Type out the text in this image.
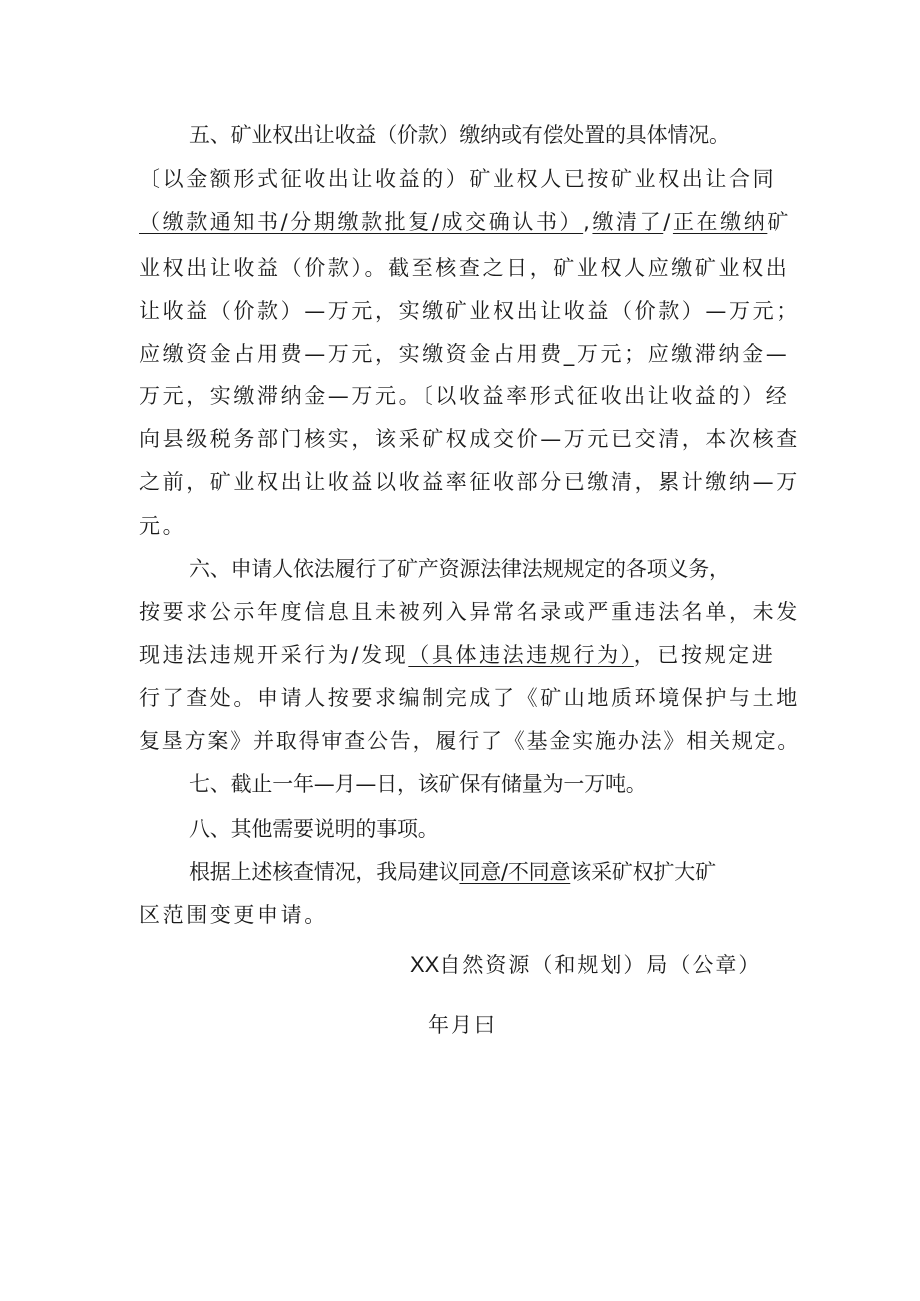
五、矿业权出让收益（价款）缴纳或有偿处置的具体情况。
〔以金额形式征收出让收益的）矿业权人已按矿业权出让合同
（缴款通知书/分期缴款批复/成交确认书）,缴清了/正在缴纳矿
业权出让收益（价款）。截至核查之日，矿业权人应缴矿业权出
让收益（价款）—万元，实缴矿业权出让收益（价款）—万元；
应缴资金占用费—万元，实缴资金占用费_万元；应缴滞纳金—
万元，实缴滞纳金—万元。〔以收益率形式征收出让收益的）经
向县级税务部门核实，该采矿权成交价—万元已交清，本次核查
之前，矿业权出让收益以收益率征收部分已缴清，累计缴纳—万
元。
六、申请人依法履行了矿产资源法律法规规定的各项义务，
按要求公示年度信息且未被列入异常名录或严重违法名单，未发
现违法违规开采行为/发现（具体违法违规行为），已按规定进
行了查处。申请人按要求编制完成了《矿山地质环境保护与土地
复垦方案》并取得审查公告，履行了《基金实施办法》相关规定。
七、截止一年—月—日，该矿保有储量为一万吨。
八、其他需要说明的事项。
根据上述核查情况，我局建议同意/不同意该采矿权扩大矿
区范围变更申请。
XX自然资源（和规划）局（公章）
年月曰
